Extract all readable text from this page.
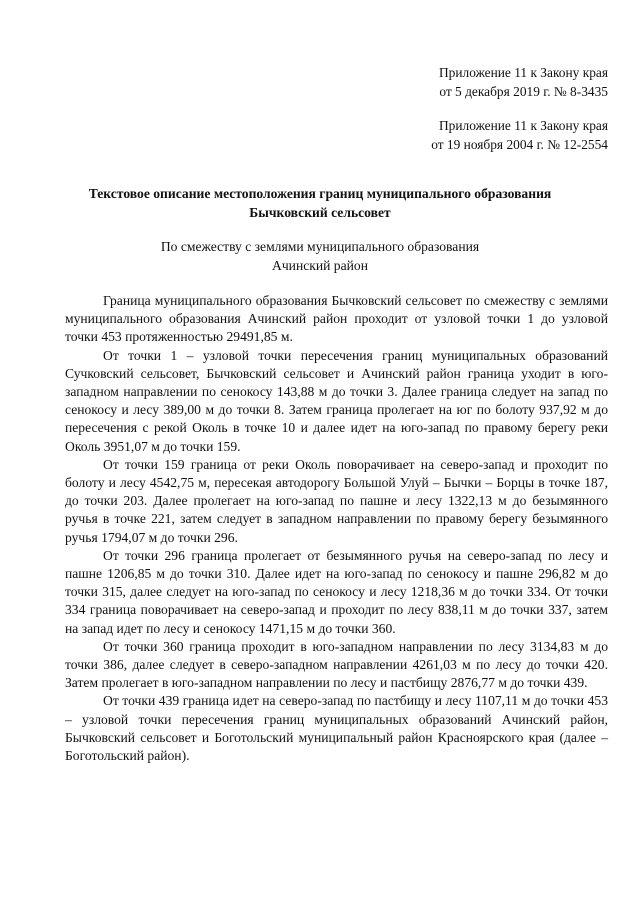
Приложение 11 к Закону края
от 5 декабря 2019 г. № 8-3435
Приложение 11 к Закону края
от 19 ноября 2004 г. № 12-2554
Текстовое описание местоположения границ муниципального образования
Бычковский сельсовет
По смежеству с землями муниципального образования
Ачинский район

Граница муниципального образования Бычковский сельсовет по смежеству с землями муниципального образования Ачинский район проходит от узловой точки 1 до узловой точки 453 протяженностью 29491,85 м.

От точки 1 – узловой точки пересечения границ муниципальных образований Сучковский сельсовет, Бычковский сельсовет и Ачинский район граница уходит в юго-западном направлении по сенокосу 143,88 м до точки 3. Далее граница следует на запад по сенокосу и лесу 389,00 м до точки 8. Затем граница пролегает на юг по болоту 937,92 м до пересечения с рекой Околь в точке 10 и далее идет на юго-запад по правому берегу реки Околь 3951,07 м до точки 159.

От точки 159 граница от реки Околь поворачивает на северо-запад и проходит по болоту и лесу 4542,75 м, пересекая автодорогу Большой Улуй – Бычки – Борцы в точке 187, до точки 203. Далее пролегает на юго-запад по пашне и лесу 1322,13 м до безымянного ручья в точке 221, затем следует в западном направлении по правому берегу безымянного ручья 1794,07 м до точки 296.

От точки 296 граница пролегает от безымянного ручья на северо-запад по лесу и пашне 1206,85 м до точки 310. Далее идет на юго-запад по сенокосу и пашне 296,82 м до точки 315, далее следует на юго-запад по сенокосу и лесу 1218,36 м до точки 334. От точки 334 граница поворачивает на северо-запад и проходит по лесу 838,11 м до точки 337, затем на запад идет по лесу и сенокосу 1471,15 м до точки 360.

От точки 360 граница проходит в юго-западном направлении по лесу 3134,83 м до точки 386, далее следует в северо-западном направлении 4261,03 м по лесу до точки 420. Затем пролегает в юго-западном направлении по лесу и пастбищу 2876,77 м до точки 439.

От точки 439 граница идет на северо-запад по пастбищу и лесу 1107,11 м до точки 453 – узловой точки пересечения границ муниципальных образований Ачинский район, Бычковский сельсовет и Боготольский муниципальный район Красноярского края (далее – Боготольский район).
